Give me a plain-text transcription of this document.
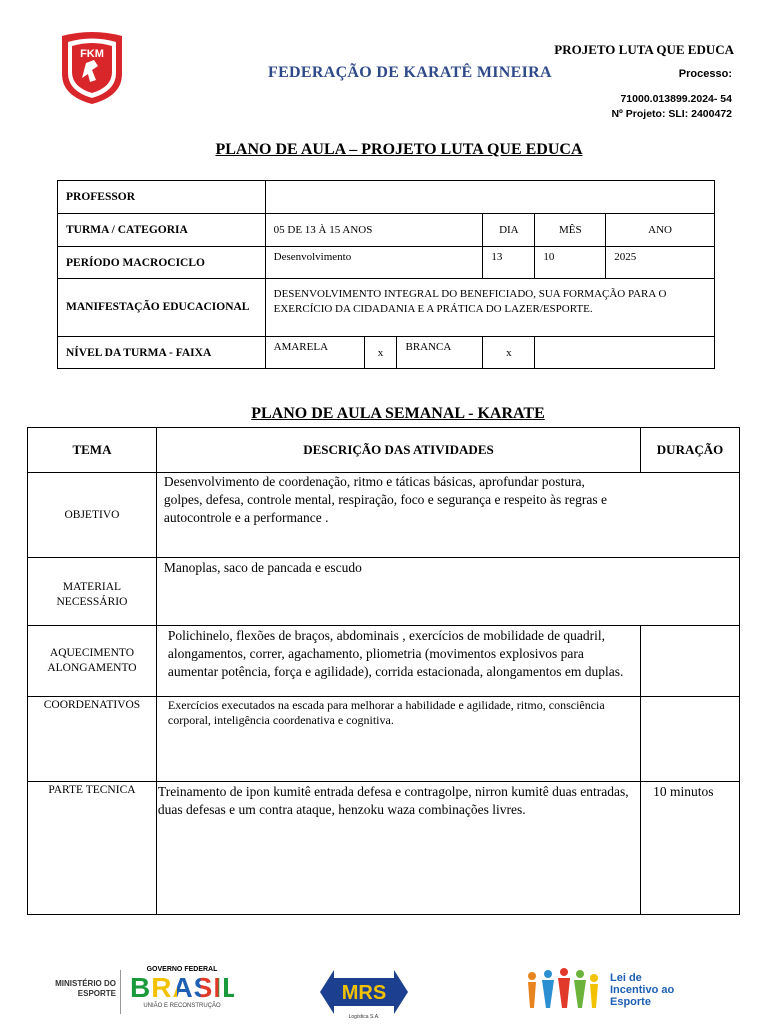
FKM
FEDERAÇÃO DE KARATÊ MINEIRA
PROJETO LUTA QUE EDUCA
Processo:
71000.013899.2024- 54
Nº Projeto: SLI: 2400472
PLANO DE AULA – PROJETO LUTA QUE EDUCA
PROFESSOR						
TURMA / CATEGORIA	05 DE 13 À 15 ANOS			DIA	MÊS	ANO
PERÍODO MACROCICLO	Desenvolvimento			13	10	2025
MANIFESTAÇÃO EDUCACIONAL	DESENVOLVIMENTO INTEGRAL DO BENEFICIADO, SUA FORMAÇÃO PARA O EXERCÍCIO DA CIDADANIA E A PRÁTICA DO LAZER/ESPORTE.					
NÍVEL DA TURMA - FAIXA	AMARELA	x	BRANCA	x		
PLANO DE AULA SEMANAL - KARATE
TEMA	DESCRIÇÃO DAS ATIVIDADES	DURAÇÃO
OBJETIVO	Desenvolvimento de coordenação, ritmo e táticas básicas, aprofundar postura, golpes, defesa, controle mental, respiração, foco e segurança e respeito às regras e autocontrole e a performance .	

MATERIAL NECESSÁRIO	Manoplas, saco de pancada e escudo	

AQUECIMENTO ALONGAMENTO	Polichinelo, flexões de braços, abdominais , exercícios de mobilidade de quadril, alongamentos, correr, agachamento, pliometria (movimentos explosivos para aumentar potência, força e agilidade), corrida estacionada, alongamentos em duplas.	

COORDENATIVOS	Exercícios executados na escada para melhorar a habilidade e agilidade, ritmo, consciência corporal, inteligência coordenativa e cognitiva.	

PARTE TECNICA	Treinamento de ipon kumitê entrada defesa e contragolpe, nirron kumitê duas entradas, duas defesas e um contra ataque, henzoku waza combinações livres.	10 minutos
MINISTÉRIO DO ESPORTE
GOVERNO FEDERAL
BRASIL
UNIÃO E RECONSTRUÇÃO
MRS
Logística S.A.
Lei de Incentivo ao Esporte
